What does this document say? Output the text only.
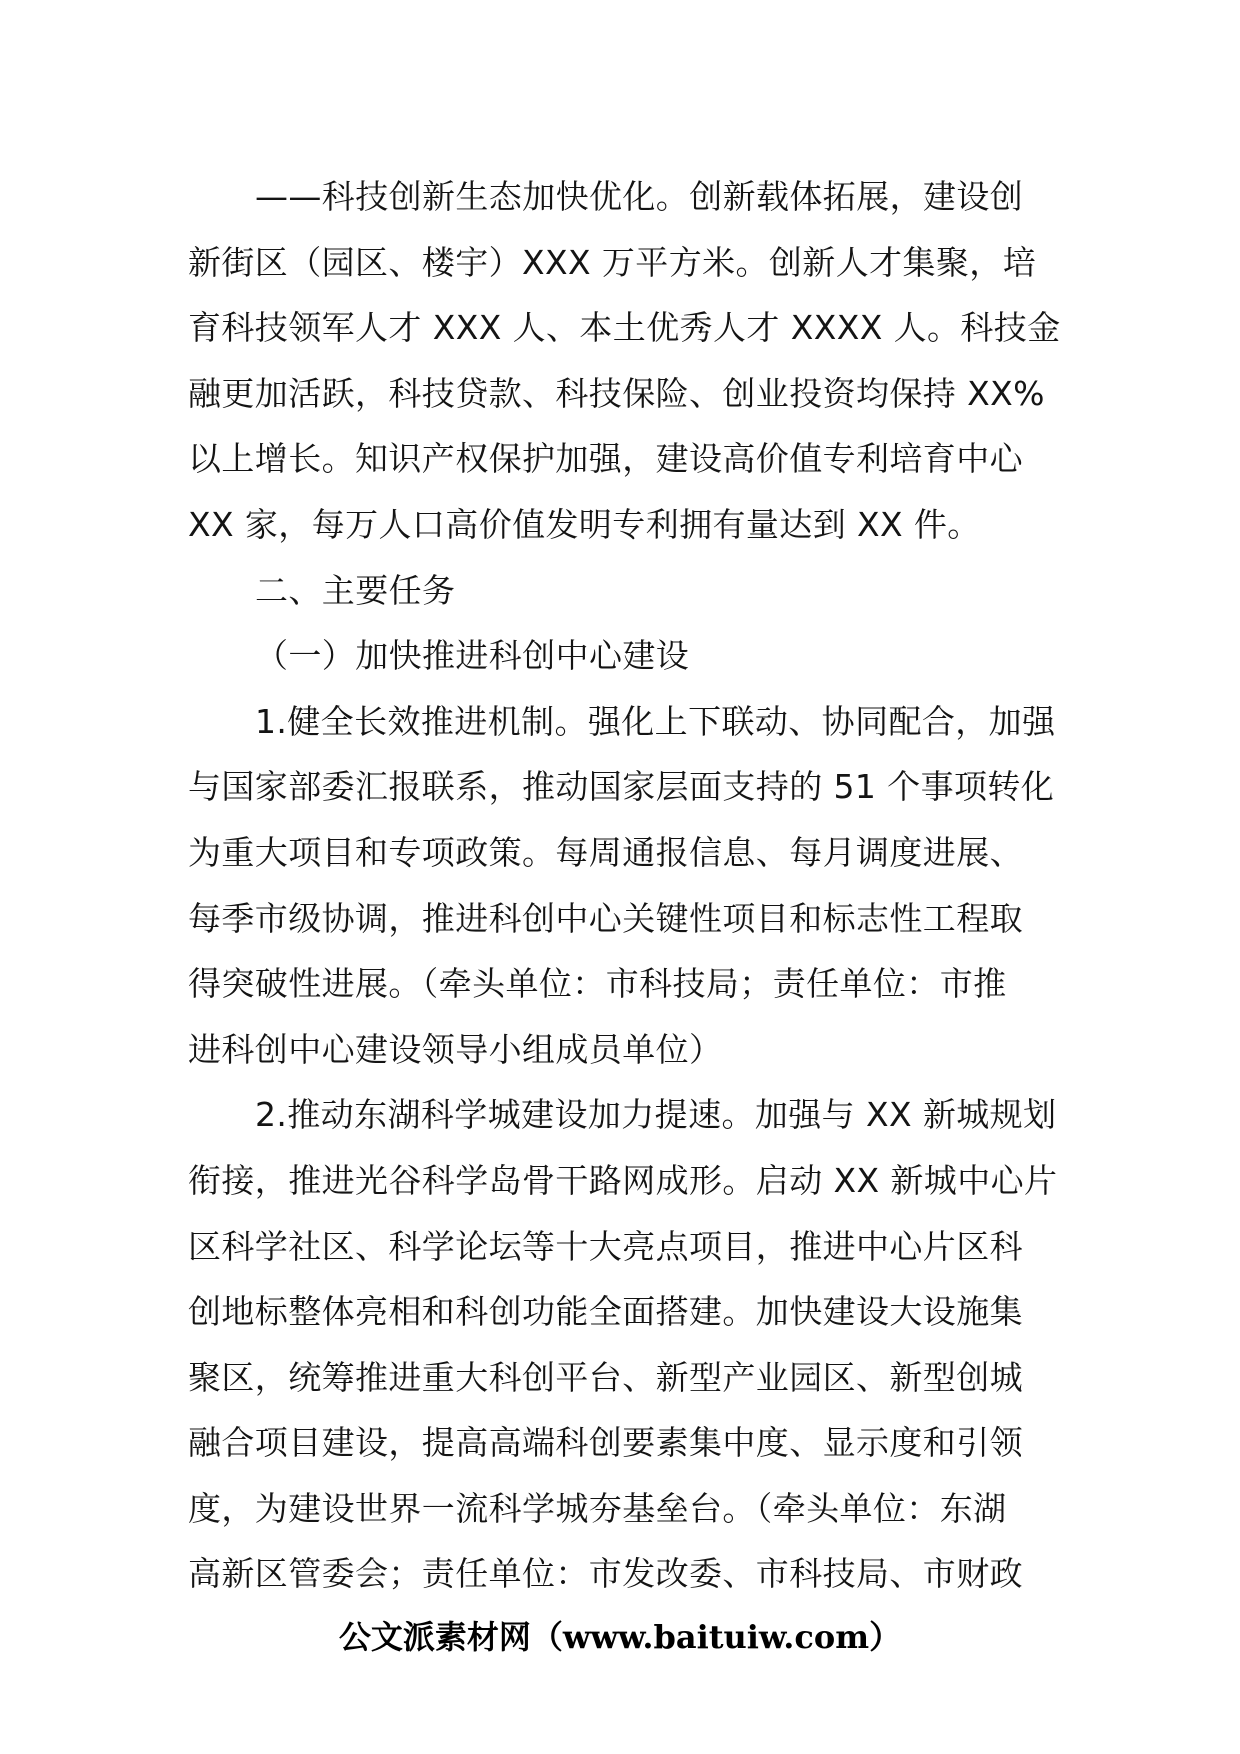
——科技创新生态加快优化。创新载体拓展，建设创
新街区（园区、楼宇）XXX 万平方米。创新人才集聚，培
育科技领军人才 XXX 人、本土优秀人才 XXXX 人。科技金
融更加活跃，科技贷款、科技保险、创业投资均保持 XX%
以上增长。知识产权保护加强，建设高价值专利培育中心
XX 家，每万人口高价值发明专利拥有量达到 XX 件。
二、主要任务
（一）加快推进科创中心建设
1.健全长效推进机制。强化上下联动、协同配合，加强
与国家部委汇报联系，推动国家层面支持的 51 个事项转化
为重大项目和专项政策。每周通报信息、每月调度进展、
每季市级协调，推进科创中心关键性项目和标志性工程取
得突破性进展。（牵头单位：市科技局；责任单位：市推
进科创中心建设领导小组成员单位）
2.推动东湖科学城建设加力提速。加强与 XX 新城规划
衔接，推进光谷科学岛骨干路网成形。启动 XX 新城中心片
区科学社区、科学论坛等十大亮点项目，推进中心片区科
创地标整体亮相和科创功能全面搭建。加快建设大设施集
聚区，统筹推进重大科创平台、新型产业园区、新型创城
融合项目建设，提高高端科创要素集中度、显示度和引领
度，为建设世界一流科学城夯基垒台。（牵头单位：东湖
高新区管委会；责任单位：市发改委、市科技局、市财政
公文派素材网（www.baituiw.com）
